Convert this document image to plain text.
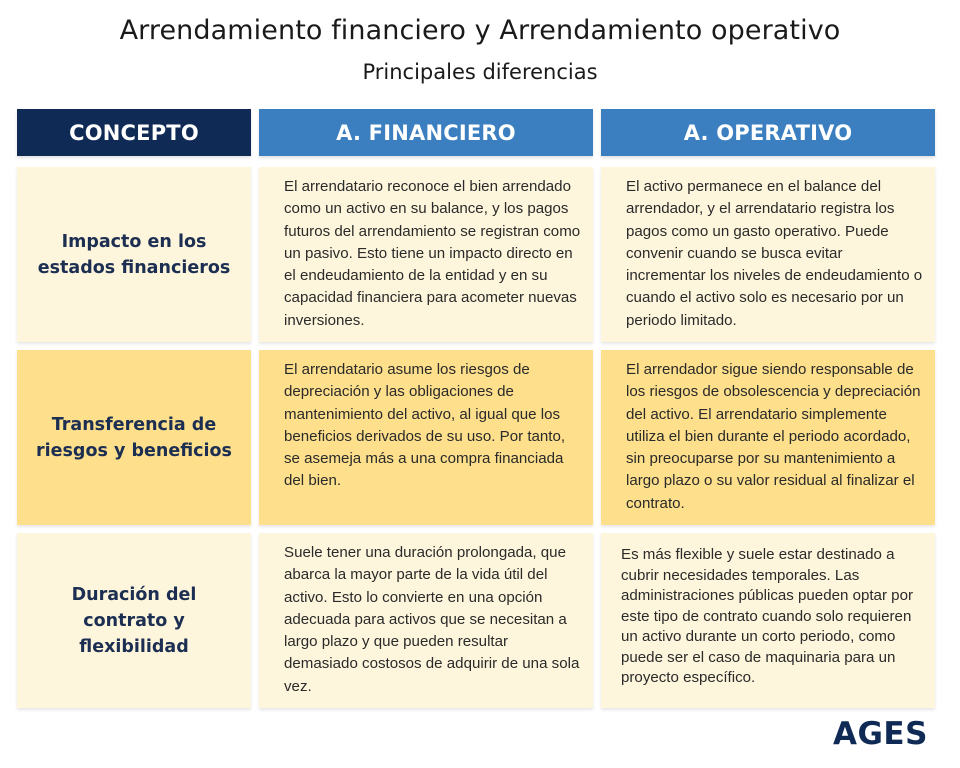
Arrendamiento financiero y Arrendamiento operativo
Principales diferencias
CONCEPTO	A. FINANCIERO	A. OPERATIVO
Impacto en los estados financieros
El arrendatario reconoce el bien arrendado como un activo en su balance, y los pagos futuros del arrendamiento se registran como un pasivo. Esto tiene un impacto directo en el endeudamiento de la entidad y en su capacidad financiera para acometer nuevas inversiones.
El activo permanece en el balance del arrendador, y el arrendatario registra los pagos como un gasto operativo. Puede convenir cuando se busca evitar incrementar los niveles de endeudamiento o cuando el activo solo es necesario por un periodo limitado.
Transferencia de riesgos y beneficios
El arrendatario asume los riesgos de depreciación y las obligaciones de mantenimiento del activo, al igual que los beneficios derivados de su uso. Por tanto, se asemeja más a una compra financiada del bien.
El arrendador sigue siendo responsable de los riesgos de obsolescencia y depreciación del activo. El arrendatario simplemente utiliza el bien durante el periodo acordado, sin preocuparse por su mantenimiento a largo plazo o su valor residual al finalizar el contrato.
Duración del contrato y flexibilidad
Suele tener una duración prolongada, que abarca la mayor parte de la vida útil del activo. Esto lo convierte en una opción adecuada para activos que se necesitan a largo plazo y que pueden resultar demasiado costosos de adquirir de una sola vez.
Es más flexible y suele estar destinado a cubrir necesidades temporales. Las administraciones públicas pueden optar por este tipo de contrato cuando solo requieren un activo durante un corto periodo, como puede ser el caso de maquinaria para un proyecto específico.
AGES
